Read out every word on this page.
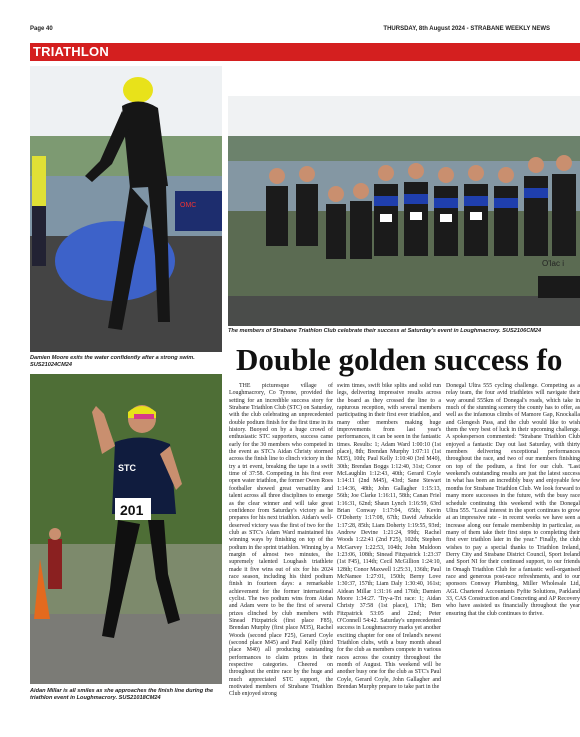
Page 40	THURSDAY, 8th August 2024 - STRABANE WEEKLY NEWS
TRIATHLON
OMC
Damien Moore exits the water confidently after a strong swim. SUS21024CM24
O'lac i
The members of Strabane Triathlon Club celebrate their success at Saturday's event in Loughmacrory. SUS2106CM24
Double golden success fo
STC
201
Aidan Millar is all smiles as she approaches the finish line during the triathlon event in Loughmacrory. SUS21018CM24

THE picturesque village of Loughmacrory, Co Tyrone, provided the setting for an incredible success story for Strabane Triathlon Club (STC) on Saturday, with the club celebrating an unprecedented double podium finish for the first time in its history. Buoyed on by a huge crowd of enthusiastic STC supporters, success came early for the 30 members who competed in the event as STC's Aidan Christy stormed across the finish line to clinch victory in the try a tri event, breaking the tape in a swift time of 37:58. Competing in his first ever open water triathlon, the former Owen Roes footballer showed great versatility and talent across all three disciplines to emerge as the clear winner and will take great confidence from Saturday's victory as he prepares for his next triathlon. Aidan's well-deserved victory was the first of two for the club as STC's Adam Ward maintained his winning ways by finishing on top of the podium in the sprint triathlon. Winning by a margin of almost two minutes, the supremely talented Loughash triathlete made it five wins out of six for his 2024 race season, including his third podium finish in fourteen days: a remarkable achievement for the former international cyclist. The two podium wins from Aidan and Adam were to be the first of several prizes clinched by club members with Sinead Fitzpatrick (first place F85), Brendan Murphy (first place M35), Rachel Woods (second place F25), Gerard Coyle (second place M45) and Paul Kelly (third place M40) all producing outstanding performances to claim prizes in their respective categories. Cheered on throughout the entire race by the huge and much appreciated STC support, the motivated members of Strabane Triathlon Club enjoyed strong

swim times, swift bike splits and solid run legs, delivering impressive results across the board as they crossed the line to a rapturous reception, with several members participating in their first ever triathlon, and many other members making huge improvements from last year's performances, it can be seen in the fantastic times. Results: 1; Adam Ward 1:00:10 (1st place), 8th; Brendan Murphy 1:07:11 (1st M35), 10th; Paul Kelly 1:10:40 (3rd M40), 30th; Brendan Boggs 1:12:40, 31st; Conor McLaughlin 1:12:43, 40th; Gerard Coyle 1:14:11 (2nd M45), 43rd; Sane Stewart 1:14:36, 48th; John Gallagher 1:15:13, 56th; Joe Clarke 1:16:11, 58th; Canan Friel 1:16:31, 62nd; Shaun Lynch 1:16:59, 63rd Brian Conway 1:17:04, 65th; Kevin O'Doherty 1:17:08, 67th; David Arbuckle 1:17:28, 85th; Liam Doherty 1:19:55, 93rd; Andrew Devine 1:21:24, 99th; Rachel Woods 1:22:41 (2nd F25), 102th; Stephen McGarvey 1:22:53, 104th; John Muldoon 1:23:06, 108th; Sinead Fitzpatrick 1:23:37 (1st F45), 114th; Cecil McGillion 1:24:10, 128th; Conor Maxwell 1:25:31, 136th; Paul McNamee 1:27:01, 150th; Berny Love 1:30:37, 157th; Liam Daly 1:30:40, 161st; Aidean Millar 1:31:16 and 176th; Damien Moore 1:34:27. 'Try-a-Tri race: 1; Aidan Christy 37:58 (1st place), 17th; Ben Fitzpatrick 53:05 and 22nd; Peter O'Connell 54:42. Saturday's unprecedented success in Loughmacrory marks yet another exciting chapter for one of Ireland's newest Triathlon clubs, with a busy month ahead for the club as members compete in various races across the country throughout the month of August. This weekend will be another busy one for the club as STC's Paul Coyle, Gerard Coyle, John Gallagher and Brendan Murphy prepare to take part in the

Donegal Ultra 555 cycling challenge. Competing as a relay team, the four avid triathletes will navigate their way around 555km of Donegal's roads, which take in much of the stunning scenery the county has to offer, as well as the infamous climbs of Mamore Gap, Knockalla and Glengesh Pass, and the club would like to wish them the very best of luck in their upcoming challenge. A spokesperson commented: "Strabane Triathlon Club enjoyed a fantastic Day out last Saturday, with thirty members delivering exceptional performances throughout the race, and two of our members finishing on top of the podium, a first for our club. "Last weekend's outstanding results are just the latest success in what has been an incredibly busy and enjoyable few months for Strabane Triathlon Club. We look forward to many more successes in the future, with the busy race schedule continuing this weekend with the Donegal Ultra 555. "Local interest in the sport continues to grow at an impressive rate - in recent weeks we have seen a increase along our female membership in particular, as many of them take their first steps to completing their first ever triathlon later in the year." Finally, the club wishes to pay a special thanks to Triathlon Ireland, Derry City and Strabane District Council, Sport Ireland and Sport NI for their continued support, to our friends in Omagh Triathlon Club for a fantastic well-organised race and generous post-race refreshments, and to our sponsors Conway Plumbing, Miller Wholesale Ltd, AGL Chartered Accountants Fyfite Solutions, Parkland 33, CAS Construction and Concreting and AP Recovery who have assisted us financially throughout the year ensuring that the club continues to thrive.
